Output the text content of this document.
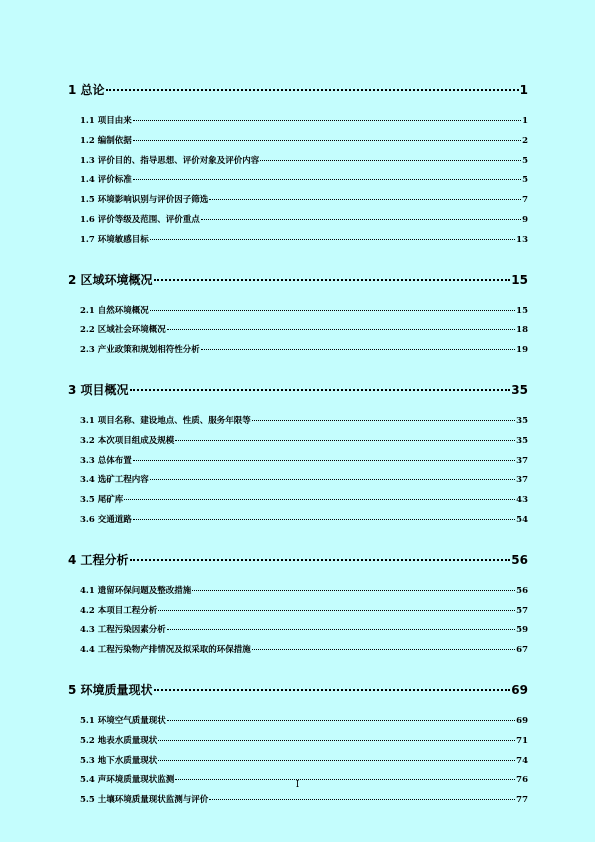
1 总论	1
1.1 项目由来	1
1.2 编制依据	2
1.3 评价目的、指导思想、评价对象及评价内容	5
1.4 评价标准	5
1.5 环境影响识别与评价因子筛选	7
1.6 评价等级及范围、评价重点	9
1.7 环境敏感目标	13
2 区域环境概况	15
2.1 自然环境概况	15
2.2 区域社会环境概况	18
2.3 产业政策和规划相符性分析	19
3 项目概况	35
3.1 项目名称、建设地点、性质、服务年限等	35
3.2 本次项目组成及规模	35
3.3 总体布置	37
3.4 选矿工程内容	37
3.5 尾矿库	43
3.6 交通道路	54
4 工程分析	56
4.1 遗留环保问题及整改措施	56
4.2 本项目工程分析	57
4.3 工程污染因素分析	59
4.4 工程污染物产排情况及拟采取的环保措施	67
5 环境质量现状	69
5.1 环境空气质量现状	69
5.2 地表水质量现状	71
5.3 地下水质量现状	74
5.4 声环境质量现状监测	76
5.5 土壤环境质量现状监测与评价	77
I
